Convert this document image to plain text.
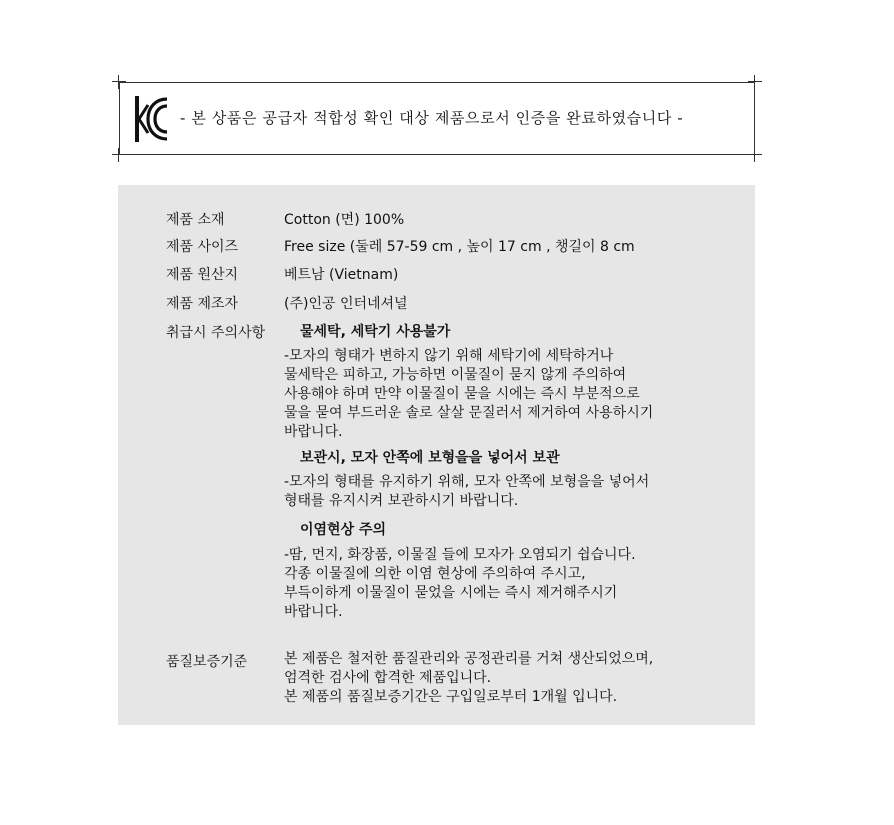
- 본 상품은 공급자 적합성 확인 대상 제품으로서 인증을 완료하였습니다 -
제품 소재	Cotton (면) 100%
제품 사이즈	Free size (둘레 57-59 cm , 높이 17 cm , 챙길이 8 cm
제품 원산지	베트남 (Vietnam)
제품 제조자	(주)인공 인터네셔널
취급시 주의사항	물세탁, 세탁기 사용불가
-모자의 형태가 변하지 않기 위해 세탁기에 세탁하거나
물세탁은 피하고, 가능하면 이물질이 묻지 않게 주의하여
사용해야 하며 만약 이물질이 묻을 시에는 즉시 부분적으로
물을 묻여 부드러운 솔로 살살 문질러서 제거하여 사용하시기
바랍니다.
보관시, 모자 안쪽에 보형을을 넣어서 보관
-모자의 형태를 유지하기 위해, 모자 안쪽에 보형을을 넣어서
형태를 유지시켜 보관하시기 바랍니다.
이염현상 주의
-땀, 먼지, 화장품, 이물질 들에 모자가 오염되기 쉽습니다.
각종 이물질에 의한 이염 현상에 주의하여 주시고,
부득이하게 이물질이 묻었을 시에는 즉시 제거해주시기
바랍니다.
품질보증기준	본 제품은 철저한 품질관리와 공정관리를 거쳐 생산되었으며,
엄격한 검사에 합격한 제품입니다.
본 제품의 품질보증기간은 구입일로부터 1개월 입니다.
